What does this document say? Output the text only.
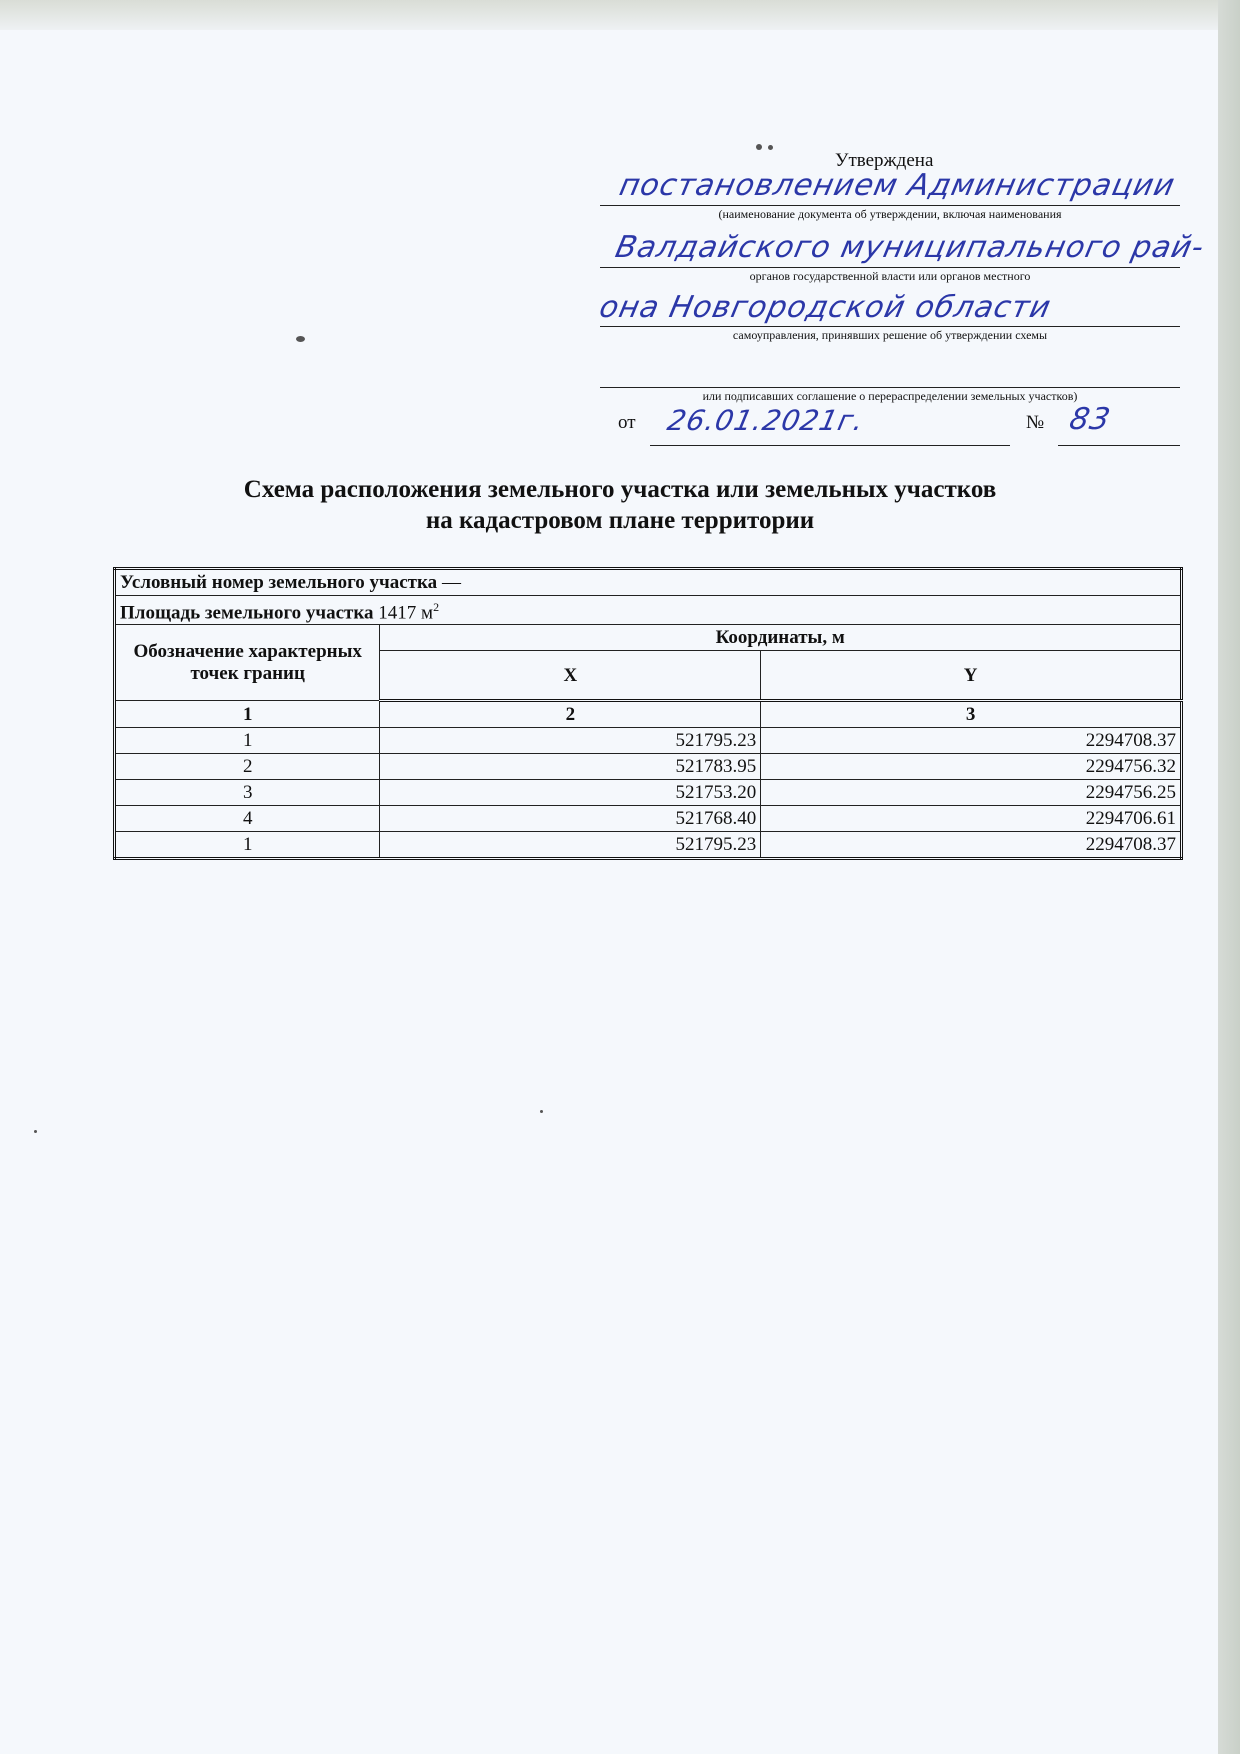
Утверждена
постановлением Администрации
(наименование документа об утверждении, включая наименования
Валдайского муниципального рай-
органов государственной власти или органов местного
она Новгородской области
самоуправления, принявших решение об утверждении схемы
или подписавших соглашение о перераспределении земельных участков)
от 26.01.2021г.	№ 83
Схема расположения земельного участка или земельных участков
на кадастровом плане территории
Условный номер земельного участка —		
Площадь земельного участка 1417 $м^2$
Обозначение характерных точек границ	Координаты, м	
	X	Y
1	2	3
1	521795.23	2294708.37
2	521783.95	2294756.32
3	521753.20	2294756.25
4	521768.40	2294706.61
1	521795.23	2294708.37
